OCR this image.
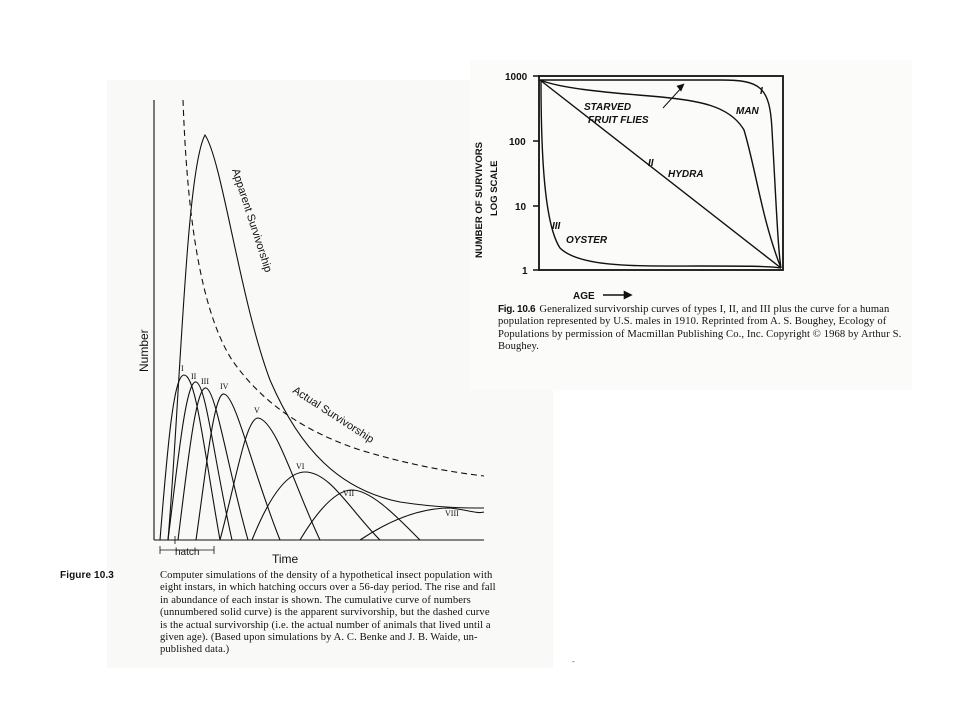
Number
Time
hatch
Apparent Survivorship
Actual Survivorship
I
II
III
IV
V
VI
VII
VIII
1000
100
10
1
NUMBER OF SURVIVORS LOG SCALE
AGE
I
MAN
STARVED
FRUIT FLIES
II
HYDRA
III
OYSTER
Fig. 10.6 Generalized survivorship curves of types I, II, and III plus the curve for a human
population represented by U.S. males in 1910. Reprinted from A. S. Boughey, Ecology of
Populations by permission of Macmillan Publishing Co., Inc. Copyright © 1968 by Arthur S.
Boughey.
Figure 10.3	Computer simulations of the density of a hypothetical insect population with
eight instars, in which hatching occurs over a 56-day period. The rise and fall
in abundance of each instar is shown. The cumulative curve of numbers
(unnumbered solid curve) is the apparent survivorship, but the dashed curve
is the actual survivorship (i.e. the actual number of animals that lived until a
given age). (Based upon simulations by A. C. Benke and J. B. Waide, un-
published data.)
-
